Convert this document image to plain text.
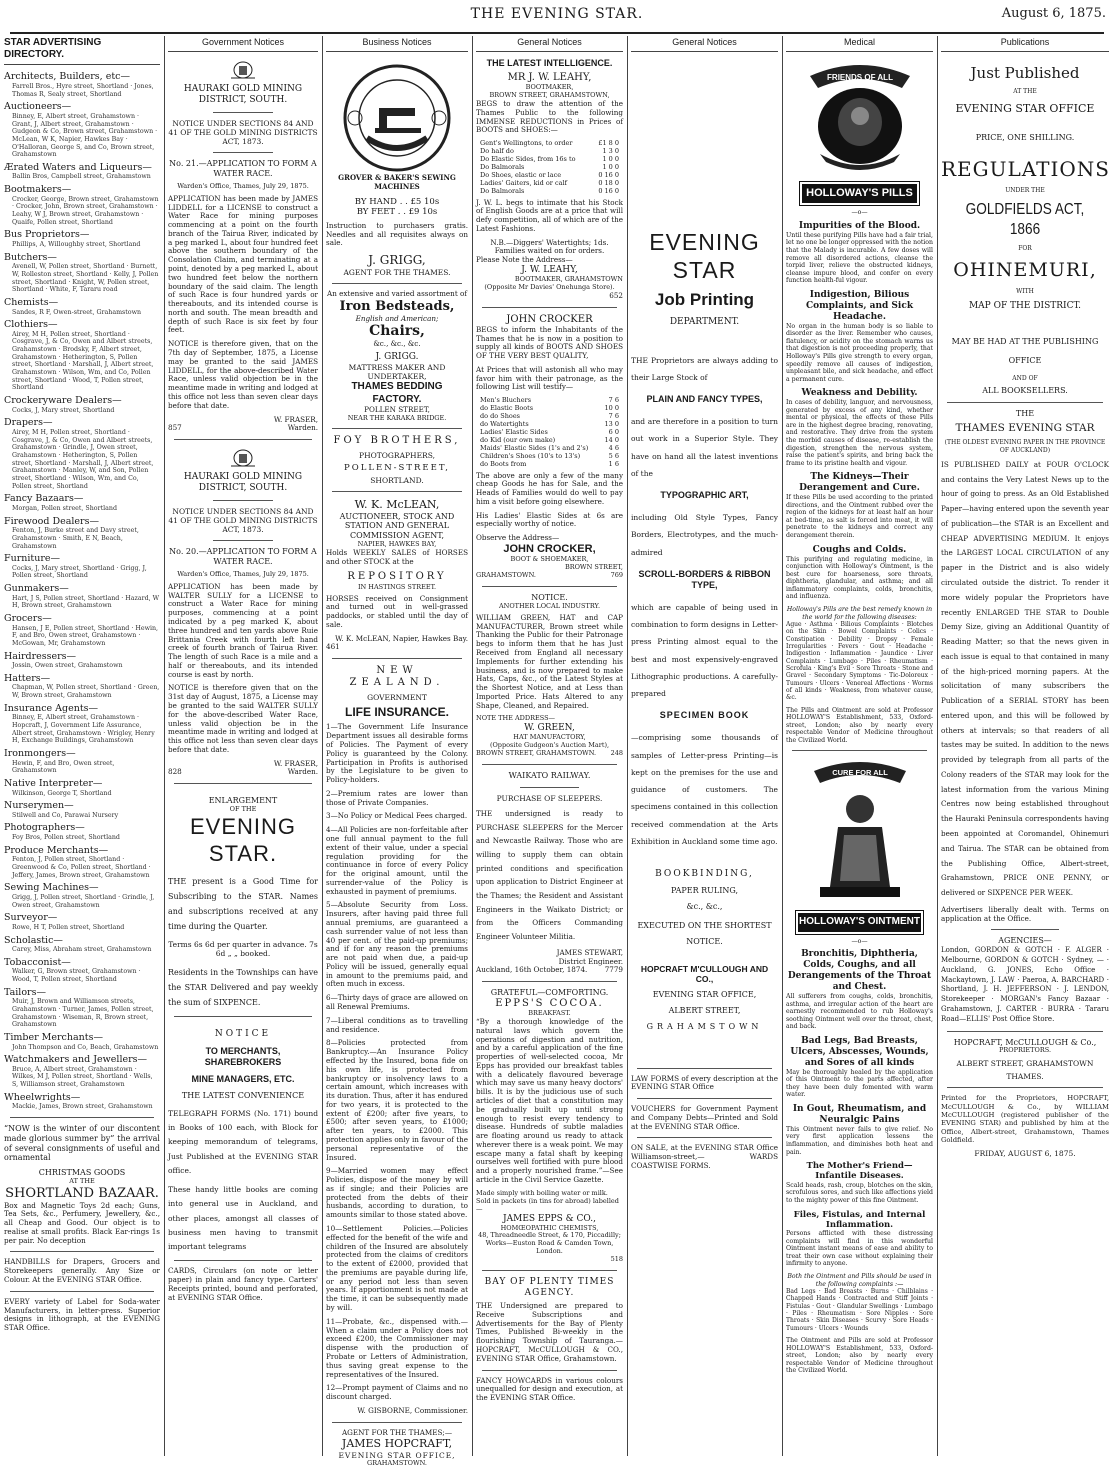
THE EVENING STAR.	August 6, 1875.
STAR ADVERTISING DIRECTORY.
Architects, Builders, etc—
Farrell Bros., Hyre street, Shortland · Jones, Thomas R, Sealy street, Shortland
Auctioneers—
Binney, E, Albert street, Grahamstown · Grant, J, Albert street, Grahamstown · Gudgeon & Co, Brown street, Grahamstown · McLean, W K, Napier, Hawkes Bay · O'Halloran, George S, and Co, Brown street, Grahamstown
Ærated Waters and Liqueurs—
Ballin Bros, Campbell street, Grahamstown
Bootmakers—
Crocker, George, Brown street, Grahamstown · Crocker, John, Brown street, Grahamstown · Leahy, W J, Brown street, Grahamstown · Quaife, Pollen street, Shortland
Bus Proprietors—
Phillips, A, Willoughby street, Shortland
Butchers—
Avenell, W, Pollen street, Shortland · Burnett, W, Rolleston street, Shortland · Kelly, J, Pollen street, Shortland · Knight, W, Pollen street, Shortland · White, F, Tararu road
Chemists—
Sandes, R F, Owen-street, Grahamstown
Clothiers—
Airey, M H, Pollen street, Shortland · Cosgrave, J, & Co, Owen and Albert streets, Grahamstown · Brodsky, F, Albert street, Grahamstown · Hetherington, S, Pollen street, Shortland · Marshall, J, Albert street, Grahamstown · Wilson, Wm, and Co, Pollen street, Shortland · Wood, T, Pollen street, Shortland
Crockeryware Dealers—
Cocks, J, Mary street, Shortland
Drapers—
Airey, M H, Pollen street, Shortland · Cosgrave, J, & Co, Owen and Albert streets, Grahamstown · Grindle, J, Owen street, Grahamstown · Hetherington, S, Pollen street, Shortland · Marshall, J, Albert street, Grahamstown · Manley, W, and Son, Pollen street, Shortland · Wilson, Wm, and Co, Pollen street, Shortland
Fancy Bazaars—
Morgan, Pollen street, Shortland
Firewood Dealers—
Fenton, J, Burke street and Davy street, Grahamstown · Smith, E N, Beach, Grahamstown
Furniture—
Cocks, J, Mary street, Shortland · Grigg, J, Pollen street, Shortland
Gunmakers—
Hart, J S, Pollen street, Shortland · Hazard, W H, Brown street, Grahamstown
Grocers—
Hansen, J E, Pollen street, Shortland · Hewin, F, and Bro, Owen street, Grahamstown · McGowan, Mr, Grahamstown
Hairdressers—
Jossin, Owen street, Grahamstown
Hatters—
Chapman, W, Pollen street, Shortland · Green, W, Brown street, Grahamstown
Insurance Agents—
Binney, E, Albert street, Grahamstown · Hopcraft, J, Government Life Assurance, Albert street, Grahamstown · Wrigley, Henry H, Exchange Buildings, Grahamstown
Ironmongers—
Hewin, F, and Bro, Owen street, Grahamstown
Native Interpreter—
Wilkinson, George T, Shortland
Nurserymen—
Stilwell and Co, Parawai Nursery
Photographers—
Foy Bros, Pollen street, Shortland
Produce Merchants—
Fenton, J, Pollen street, Shortland · Greenwood & Co, Pollen street, Shortland · Jeffery, James, Brown street, Grahamstown
Sewing Machines—
Grigg, J, Pollen street, Shortland · Grindle, J, Owen street, Grahamstown
Surveyor—
Rowe, H T, Pollen street, Shortland
Scholastic—
Carey, Miss, Abraham street, Grahamstown
Tobacconist—
Walker, G, Brown street, Grahamstown · Wood, T, Pollen street, Shortland
Tailors—
Muir, J, Brown and Williamson streets, Grahamstown · Turner, James, Pollen street, Grahamstown · Wiseman, R, Brown street, Grahamstown
Timber Merchants—
John Thompson and Co, Beach, Grahamstown
Watchmakers and Jewellers—
Bruce, A, Albert street, Grahamstown · Wilkes, M J, Pollen street, Shortland · Wells, S, Williamson street, Grahamstown
Wheelwrights—
Mackie, James, Brown street, Grahamstown

“NOW is the winter of our discontent made glorious summer by” the arrival of several consignments of useful and ornamental

CHRISTMAS GOODS
AT THE
SHORTLAND BAZAAR.

Box and Magnetic Toys 2d each; Guns, Tea Sets, &c., Perfumery, Jewellery, &c., all Cheap and Good. Our object is to realise at small profits. Black Ear-rings 1s per pair. No deception

HANDBILLS for Drapers, Grocers and Storekeepers generally. Any Size or Colour. At the EVENING STAR Office.

EVERY variety of Label for Soda-water Manufacturers, in letter-press. Superior designs in lithograph, at the EVENING STAR Office.

Government Notices
HAURAKI GOLD MINING DISTRICT, SOUTH.
NOTICE UNDER SECTIONS 84 AND 41 OF THE GOLD MINING DISTRICTS ACT, 1873.
No. 21.—APPLICATION TO FORM A WATER RACE.
Warden's Office, Thames, July 29, 1875.

APPLICATION has been made by JAMES LIDDELL for a LICENSE to construct a Water Race for mining purposes commencing at a point on the fourth branch of the Tairua River, indicated by a peg marked L, about four hundred feet above the southern boundary of the Consolation Claim, and terminating at a point, denoted by a peg marked L, about two hundred feet below the northern boundary of the said claim. The length of such Race is four hundred yards or thereabouts, and its intended course is north and south. The mean breadth and depth of such Race is six feet by four feet.

NOTICE is therefore given, that on the 7th day of September, 1875, a License may be granted to the said JAMES LIDDELL, for the above-described Water Race, unless valid objection be in the meantime made in writing and lodged at this office not less than seven clear days before that date.

W. FRASER,
857	Warden.
HAURAKI GOLD MINING DISTRICT, SOUTH.
NOTICE UNDER SECTIONS 84 AND 41 OF THE GOLD MINING DISTRICTS ACT, 1873.
No. 20.—APPLICATION TO FORM A WATER RACE.
Warden's Office, Thames, July 29, 1875.

APPLICATION has been made by WALTER SULLY for a LICENSE to construct a Water Race for mining purposes, commencing at a point indicated by a peg marked K, about three hundred and ten yards above Ruie Brittania Creek with fourth left hand creek of fourth branch of Tairua River. The length of such Race is a mile and a half or thereabouts, and its intended course is east by north.

NOTICE is therefore given that on the 31st day of August, 1875, a License may be granted to the said WALTER SULLY for the above-described Water Race, unless valid objection be in the meantime made in writing and lodged at this office not less than seven clear days before that date.

W. FRASER,
828	Warden.
ENLARGEMENT
OF THE
EVENING STAR.

THE present is a Good Time for Subscribing to the STAR. Names and subscriptions received at any time during the Quarter.

Terms 6s 6d per quarter in advance. 7s 6d „ „ booked.

Residents in the Townships can have the STAR Delivered and pay weekly the sum of SIXPENCE.

NOTICE
TO MERCHANTS, SHAREBROKERS
MINE MANAGERS, ETC.
THE LATEST CONVENIENCE

TELEGRAPH FORMS (No. 171) bound in Books of 100 each, with Block for keeping memorandum of telegrams, Just Published at the EVENING STAR office.

These handy little books are coming into general use in Auckland, and other places, amongst all classes of business men having to transmit important telegrams

CARDS, Circulars (on note or letter paper) in plain and fancy type. Carters' Receipts printed, bound and perforated, at EVENING STAR Office.

Business Notices
GROVER & BAKER'S SEWING MACHINES
BY HAND . . £5 10s
BY FEET . . £9 10s

Instruction to purchasers gratis. Needles and all requisites always on sale.

J. GRIGG,
AGENT FOR THE THAMES.
An extensive and varied assortment of
Iron Bedsteads,
English and American;
Chairs,
&c., &c., &c.
J. GRIGG.
MATTRESS MAKER AND UNDERTAKER,
THAMES BEDDING FACTORY.
POLLEN STREET,
NEAR THE KARAKA BRIDGE.
FOY BROTHERS,
PHOTOGRAPHERS,
POLLEN-STREET,
SHORTLAND.
W. K. McLEAN,
AUCTIONEER, STOCK AND STATION AND GENERAL COMMISSION AGENT,
NAPIER, HAWKES BAY,

Holds WEEKLY SALES of HORSES and other STOCK at the

REPOSITORY
IN HASTINGS STREET.

HORSES received on Consignment and turned out in well-grassed paddocks, or stabled until the day of sale.

W. K. McLEAN, Napier, Hawkes Bay.
461
NEW ZEALAND.
GOVERNMENT
LIFE INSURANCE.

1—The Government Life Insurance Department issues all desirable forms of Policies. The Payment of every Policy is guaranteed by the Colony. Participation in Profits is authorised by the Legislature to be given to Policy-holders.

2—Premium rates are lower than those of Private Companies.

3—No Policy or Medical Fees charged.

4—All Policies are non-forfeitable after one full annual payment to the full extent of their value, under a special regulation providing for the continuance in force of every Policy for the original amount, until the surrender-value of the Policy is exhausted in payment of premiums.

5—Absolute Security from Loss. Insurers, after having paid three full annual premiums, are guaranteed a cash surrender value of not less than 40 per cent. of the paid-up premiums; and if for any reason the premiums are not paid when due, a paid-up Policy will be issued, generally equal in amount to the premiums paid, and often much in excess.

6—Thirty days of grace are allowed on all Renewal Premiums.

7—Liberal conditions as to travelling and residence.

8—Policies protected from Bankruptcy.—An Insurance Policy effected by the Insured, bona fide on his own life, is protected from bankruptcy or insolvency laws to a certain amount, which increases with its duration. Thus, after it has endured for two years, it is protected to the extent of £200; after five years, to £500; after seven years, to £1000; after ten years, to £2000. This protection applies only in favour of the personal representative of the Insured.

9—Married women may effect Policies, dispose of the money by will as if single; and their Policies are protected from the debts of their husbands, according to duration, to amounts similar to those stated above.

10—Settlement Policies.—Policies effected for the benefit of the wife and children of the Insured are absolutely protected from the claims of creditors to the extent of £2000, provided that the premiums are payable during life, or any period not less than seven years. If apportionment is not made at the time, it can be subsequently made by will.

11—Probate, &c., dispensed with.—When a claim under a Policy does not exceed £200, the Commissioner may dispense with the production of Probate or Letters of Administration, thus saving great expense to the representatives of the Insured.

12—Prompt payment of Claims and no discount charged.

W. GISBORNE, Commissioner.
AGENT FOR THE THAMES;—
JAMES HOPCRAFT,
EVENING STAR OFFICE,
GRAHAMSTOWN.
General Notices
THE LATEST INTELLIGENCE.
MR J. W. LEAHY,
BOOTMAKER,
BROWN STREET, GRAHAMSTOWN,

BEGS to draw the attention of the Thames Public to the following IMMENSE REDUCTIONS in Prices of BOOTS and SHOES:—

Gent's Wellingtons, to order	£1 8 0
Do half do	1 3 0
Do Elastic Sides, from 16s to	1 0 0
Do Balmorals	1 0 0
Do Shoes, elastic or lace	0 16 0
Ladies' Gaiters, kid or calf	0 18 0
Do Balmorals	0 16 0

J. W. L. begs to intimate that his Stock of English Goods are at a price that will defy competition, all of which are of the Latest Fashions.

N.B.—Diggers' Watertights; 1ds.
Families waited on for orders.
Please Note the Address—
J. W. LEAHY,
BOOTMAKER, GRAHAMSTOWN
(Opposite Mr Davies' Onehunga Store).
652
JOHN CROCKER

BEGS to inform the Inhabitants of the Thames that he is now in a position to supply all kinds of BOOTS AND SHOES OF THE VERY BEST QUALITY,

At Prices that will astonish all who may favor him with their patronage, as the following List will testify—

Men's Bluchers	7 6
do Elastic Boots	10 0
do do Shoes	7 6
do Watertights	13 0
Ladies' Elastic Sides	6 0
do Kid (our own make)	14 0
Maids' Elastic Sides (1's and 2's)	4 6
Children's Shoes (10's to 13's)	5 6
do Boots from	1 6

The above are only a few of the many cheap Goods he has for Sale, and the Heads of Families would do well to pay him a visit before going elsewhere.

His Ladies' Elastic Sides at 6s are especially worthy of notice.

Observe the Address—
JOHN CROCKER,
BOOT & SHOEMAKER,
BROWN STREET,
GRAHAMSTOWN.	769
NOTICE.
ANOTHER LOCAL INDUSTRY.

WILLIAM GREEN, HAT and CAP MANUFACTURER, Brown street while Thanking the Public for their Patronage begs to inform them that he has Just Received from England all necessary Implements for further extending his business, and is now prepared to make Hats, Caps, &c., of the Latest Styles at the Shortest Notice, and at Less than Imported Price. Hats Altered to any Shape, Cleaned, and Repaired.

NOTE THE ADDRESS—
W. GREEN,
HAT MANUFACTORY,
(Opposite Gudgeon's Auction Mart),
BROWN STREET, GRAHAMSTOWN. 248
WAIKATO RAILWAY.
PURCHASE OF SLEEPERS.

THE undersigned is ready to PURCHASE SLEEPERS for the Mercer and Newcastle Railway. Those who are willing to supply them can obtain printed conditions and specification upon application to District Engineer at the Thames; the Resident and Assistant Engineers in the Waikato District; or from the Officers Commanding Engineer Volunteer Militia.

JAMES STEWART,
District Engineer.
Auckland, 16th October, 1874. 7779
GRATEFUL—COMFORTING.
EPPS'S COCOA.
BREAKFAST.

“By a thorough knowledge of the natural laws which govern the operations of digestion and nutrition, and by a careful application of the fine properties of well-selected cocoa, Mr Epps has provided our breakfast tables with a delicately flavoured beverage which may save us many heavy doctors' bills. It is by the judicious use of such articles of diet that a constitution may be gradually built up until strong enough to resist every tendency to disease. Hundreds of subtle maladies are floating around us ready to attack wherever there is a weak point. We may escape many a fatal shaft by keeping ourselves well fortified with pure blood and a properly nourished frame.”—See article in the Civil Service Gazette.

Made simply with boiling water or milk.
Sold in packets (in tins for abroad) labelled—
JAMES EPPS & CO.,
HOMŒOPATHIC CHEMISTS,
48, Threadneedle Street, & 170, Piccadilly; Works—Euston Road & Camden Town, London.
518
BAY OF PLENTY TIMES AGENCY.

THE Undersigned are prepared to Receive Subscriptions and Advertisements for the Bay of Plenty Times, Published Bi-weekly in the flourishing Township of Tauranga.— HOPCRAFT, McCULLOUGH & CO., EVENING STAR Office, Grahamstown.

FANCY HOWCARDS in various colours unequalled for design and execution, at the EVENING STAR Office.

General Notices
EVENING STAR
Job Printing
DEPARTMENT.

THE Proprietors are always adding to their Large Stock of

PLAIN AND FANCY TYPES,

and are therefore in a position to turn out work in a Superior Style. They have on hand all the latest inventions of the

TYPOGRAPHIC ART,

including Old Style Types, Fancy Borders, Electrotypes, and the much-admired

SCROLL-BORDERS & RIBBON TYPE,

which are capable of being used in combination to form designs in Letter-press Printing almost equal to the best and most expensively-engraved Lithographic productions. A carefully-prepared

SPECIMEN BOOK

—comprising some thousands of samples of Letter-press Printing—is kept on the premises for the use and guidance of customers. The specimens contained in this collection received commendation at the Arts Exhibition in Auckland some time ago.

BOOKBINDING,
PAPER RULING,
&c., &c.,
EXECUTED ON THE SHORTEST NOTICE.
HOPCRAFT M'CULLOUGH AND CO.,
EVENING STAR OFFICE,
ALBERT STREET,
GRAHAMSTOWN

LAW FORMS of every description at the EVENING STAR Office

VOUCHERS for Government Payment and Company Debts—Printed and Sold at the EVENING STAR Office.

ON SALE, at the EVENING STAR Office Williamson-street,— WARDS COASTWISE FORMS.

Medical
FRIENDS OF ALL
HOLLOWAY'S PILLS
—o—
Impurities of the Blood.

Until these purifying Pills have had a fair trial, let no one be longer oppressed with the notion that the Malady is incurable. A few doses will remove all disordered actions, cleanse the torpid liver, relieve the obstructed kidneys, cleanse impure blood, and confer on every function health-ful vigour.

Indigestion, Bilious Complaints, and Sick Headache.

No organ in the human body is so liable to disorder as the liver. Remember who causes, flatulency, or acidity on the stomach warns us that digestion is not proceeding properly, that Holloway's Pills give strength to every organ, speedily remove all causes of indigestion, unpleasant bile, and sick headache, and effect a permanent cure.

Weakness and Debility.

In cases of debility, languor, and nervousness, generated by excess of any kind, whether mental or physical, the effects of these Pills are in the highest degree bracing, renovating, and restorative. They drive from the system the morbid causes of disease, re-establish the digestion, strengthen the nervous system, raise the patient's spirits, and bring back the frame to its pristine health and vigour.

The Kidneys—Their Derangement and Cure.

If these Pills be used according to the printed directions, and the Ointment rubbed over the region of the kidneys for at least half an hour at bed-time, as salt is forced into meat, it will penetrate to the kidneys and correct any derangement therein.

Coughs and Colds.

This purifying and regulating medicine, in conjunction with Holloway's Ointment, is the best cure for hoarseness, sore throats, diphtheria, glandular, and asthma; and all inflammatory complaints, colds, bronchitis, and influenza.

Holloway's Pills are the best remedy known in the world for the following diseases:

Ague · Asthma · Bilious Complaints · Blotches on the Skin · Bowel Complaints · Colics · Constipation · Debility · Dropsy · Female Irregularities · Fevers · Gout · Headache · Indigestion · Inflammation · Jaundice · Liver Complaints · Lumbago · Piles · Rheumatism · Scrofula · King's Evil · Sore Throats · Stone and Gravel · Secondary Symptoms · Tic-Doloreux · Tumours · Ulcers · Venereal Affections · Worms of all kinds · Weakness, from whatever cause, &c.

The Pills and Ointment are sold at Professor HOLLOWAY'S Establishment, 533, Oxford-street, London; also by nearly every respectable Vendor of Medicine throughout the Civilized World.

CURE FOR ALL
HOLLOWAY'S OINTMENT
—o—
Bronchitis, Diphtheria, Colds, Coughs, and all Derangements of the Throat and Chest.

All sufferers from coughs, colds, bronchitis, asthma, and irregular action of the heart are earnestly recommended to rub Holloway's soothing Ointment well over the throat, chest, and back.

Bad Legs, Bad Breasts, Ulcers, Abscesses, Wounds, and Sores of all kinds

May be thoroughly healed by the application of this Ointment to the parts affected, after they have been duly fomented with warm water.

In Gout, Rheumatism, and Neuralgic Pains

This Ointment never fails to give relief. No very first application lessens the inflammation, and diminishes both heat and pain.

The Mother's Friend—Infantile Diseases.

Scald heads, rash, croup, blotches on the skin, scrofulous sores, and such like affections yield to the mighty power of this fine Ointment.

Files, Fistulas, and Internal Inflammation.

Persons afflicted with these distressing complaints will find in this wonderful Ointment instant means of ease and ability to treat their own case without explaining their infirmity to anyone.

Both the Ointment and Pills should be used in the following complaints :—

Bad Legs · Bad Breasts · Burns · Chilblains · Chapped Hands · Contracted and Stiff Joints · Fistulas · Gout · Glandular Swellings · Lumbago · Piles · Rheumatism · Sore Nipples · Sore Throats · Skin Diseases · Scurvy · Sore Heads · Tumours · Ulcers · Wounds

The Ointment and Pills are sold at Professor HOLLOWAY'S Establishment, 533, Oxford-street, London; also by nearly every respectable Vendor of Medicine throughout the Civilized World.

Publications
Just Published
AT THE
EVENING STAR OFFICE
PRICE, ONE SHILLING.
REGULATIONS
UNDER THE
GOLDFIELDS ACT, 1866
FOR
OHINEMURI,
WITH
MAP OF THE DISTRICT.
MAY BE HAD AT THE PUBLISHING OFFICE
AND OF
ALL BOOKSELLERS.
THE
THAMES EVENING STAR
(THE OLDEST EVENING PAPER IN THE PROVINCE OF AUCKLAND)

IS PUBLISHED DAILY at FOUR O'CLOCK and contains the Very Latest News up to the hour of going to press. As an Old Established Paper—having entered upon the seventh year of publication—the STAR is an Excellent and CHEAP ADVERTISING MEDIUM. It enjoys the LARGEST LOCAL CIRCULATION of any paper in the District and is also widely circulated outside the district. To render it more widely popular the Proprietors have recently ENLARGED THE STAR to Double Demy Size, giving an Additional Quantity of Reading Matter; so that the news given in each issue is equal to that contained in many of the high-priced morning papers. At the solicitation of many subscribers the Publication of a SERIAL STORY has been entered upon, and this will be followed by others at intervals; so that readers of all tastes may be suited. In addition to the news provided by telegraph from all parts of the Colony readers of the STAR may look for the latest information from the various Mining Centres now being established throughout the Hauraki Peninsula correspondents having been appointed at Coromandel, Ohinemuri and Tairua. The STAR can be obtained from the Publishing Office, Albert-street, Grahamstown, PRICE ONE PENNY, or delivered or SIXPENCE PER WEEK.

Advertisers liberally dealt with. Terms on application at the Office.

AGENCIES—

London, GORDON & GOTCH · F. ALGER · Melbourne, GORDON & GOTCH · Sydney, — · Auckland, G. JONES, Echo Office · Mackaytown, J. LAW · Paeroa, A. BARCHARD · Shortland, J. H. JEFFERSON · J. LENDON, Storekeeper · MORGAN's Fancy Bazaar · Grahamstown, J. CARTER · BURRA · Tararu Road—ELLIS' Post Office Store.

HOPCRAFT, McCULLOUGH & Co.,
PROPRIETORS.
ALBERT STREET, GRAHAMSTOWN
THAMES.

Printed for the Proprietors, HOPCRAFT, McCULLOUGH & Co., by WILLIAM McCULLOUGH (registered publisher of the EVENING STAR) and published by him at the Office, Albert-street, Grahamstown, Thames Goldfield.

FRIDAY, AUGUST 6, 1875.
